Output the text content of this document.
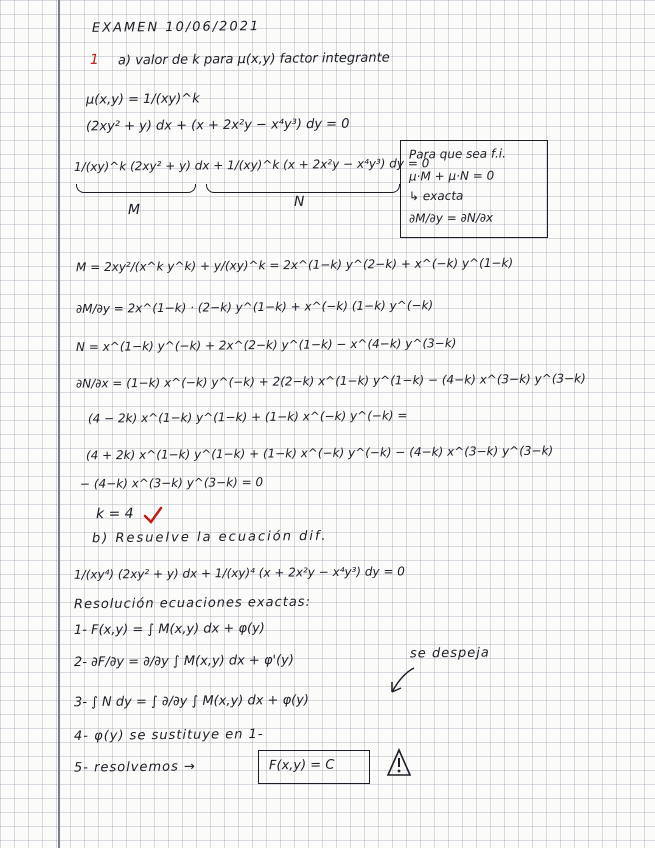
EXAMEN 10/06/2021
1 a) valor de k para μ(x,y) factor integrante
μ(x,y) = 1/(xy)^k
(2xy² + y) dx + (x + 2x²y − x⁴y³) dy = 0
1/(xy)^k (2xy² + y) dx + 1/(xy)^k (x + 2x²y − x⁴y³) dy = 0
M	N
Para que sea f.i.
μ·M + μ·N = 0
↳ exacta
∂M/∂y = ∂N/∂x
M = 2xy²/(x^k y^k) + y/(xy)^k = 2x^(1−k) y^(2−k) + x^(−k) y^(1−k)
∂M/∂y = 2x^(1−k) · (2−k) y^(1−k) + x^(−k) (1−k) y^(−k)
N = x^(1−k) y^(−k) + 2x^(2−k) y^(1−k) − x^(4−k) y^(3−k)
∂N/∂x = (1−k) x^(−k) y^(−k) + 2(2−k) x^(1−k) y^(1−k) − (4−k) x^(3−k) y^(3−k)
(4 − 2k) x^(1−k) y^(1−k) + (1−k) x^(−k) y^(−k) =
(4 + 2k) x^(1−k) y^(1−k) + (1−k) x^(−k) y^(−k) − (4−k) x^(3−k) y^(3−k)
− (4−k) x^(3−k) y^(3−k) = 0
k = 4
b) Resuelve la ecuación dif.
1/(xy⁴) (2xy² + y) dx + 1/(xy)⁴ (x + 2x²y − x⁴y³) dy = 0
Resolución ecuaciones exactas:
1- F(x,y) = ∫ M(x,y) dx + φ(y)
2- ∂F/∂y = ∂/∂y ∫ M(x,y) dx + φ'(y)	se despeja
3- ∫ N dy = ∫ ∂/∂y ∫ M(x,y) dx + φ(y)
4- φ(y) se sustituye en 1-
5- resolvemos →	F(x,y) = C
